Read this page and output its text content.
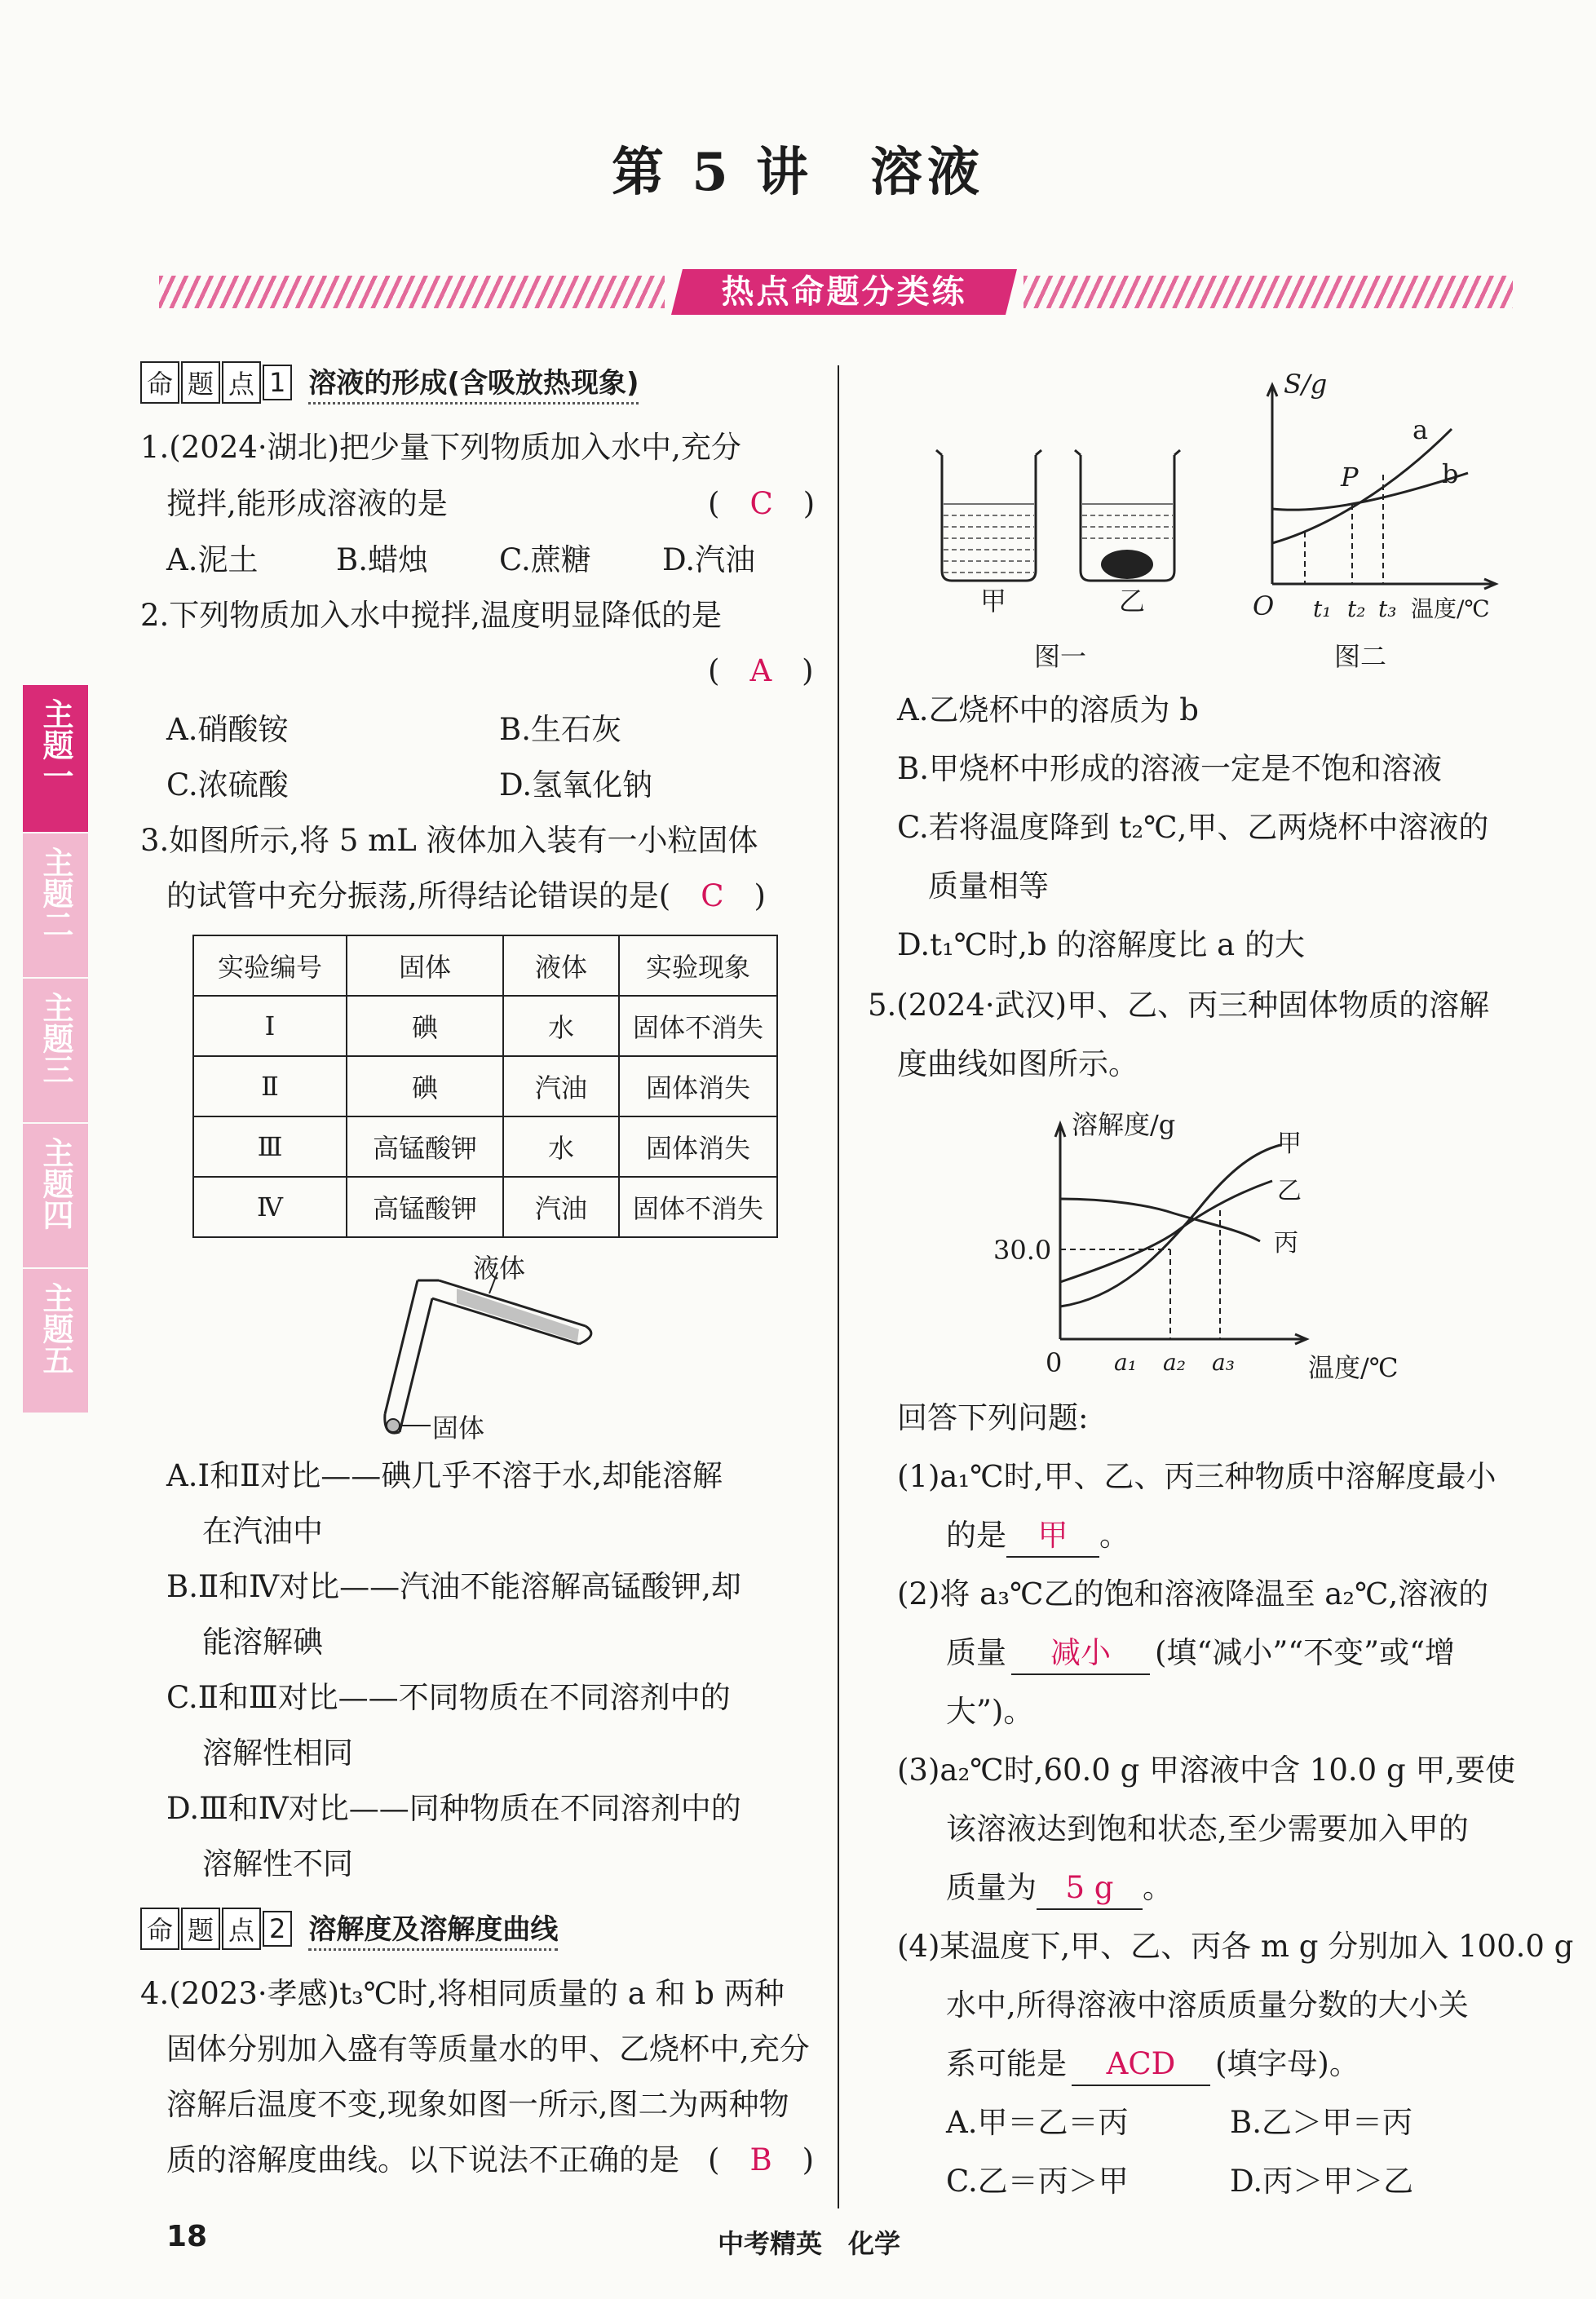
主题一
主题二
主题三
主题四
主题五
第 5 讲　溶液
热点命题分类练
命 题 点 1 溶液的形成(含吸放热现象)
1.(2024·湖北)把少量下列物质加入水中,充分
搅拌,能形成溶液的是	(　C　)
A.泥土	B.蜡烛 C.蔗糖 D.汽油
2.下列物质加入水中搅拌,温度明显降低的是
(　A　)
A.硝酸铵	B.生石灰
C.浓硫酸	D.氢氧化钠
3.如图所示,将 5 mL 液体加入装有一小粒固体
的试管中充分振荡,所得结论错误的是(　C　)
实验编号	固体	液体	实验现象
Ⅰ	碘	水	固体不消失
Ⅱ	碘	汽油	固体消失
Ⅲ	高锰酸钾	水	固体消失
Ⅳ	高锰酸钾	汽油	固体不消失
液体
固体
A.Ⅰ和Ⅱ对比——碘几乎不溶于水,却能溶解
在汽油中
B.Ⅱ和Ⅳ对比——汽油不能溶解高锰酸钾,却
能溶解碘
C.Ⅱ和Ⅲ对比——不同物质在不同溶剂中的
溶解性相同
D.Ⅲ和Ⅳ对比——同种物质在不同溶剂中的
溶解性不同
命 题 点 2 溶解度及溶解度曲线
4.(2023·孝感)t₃℃时,将相同质量的 a 和 b 两种
固体分别加入盛有等质量水的甲、乙烧杯中,充分
溶解后温度不变,现象如图一所示,图二为两种物
质的溶解度曲线。以下说法不正确的是 (　B　)
甲	乙
图一
S/g
a
b
P
O t₁ t₂ t₃ 温度/℃
图二
A.乙烧杯中的溶质为 b
B.甲烧杯中形成的溶液一定是不饱和溶液
C.若将温度降到 t₂℃,甲、乙两烧杯中溶液的
质量相等
D.t₁℃时,b 的溶解度比 a 的大
5.(2024·武汉)甲、乙、丙三种固体物质的溶解
度曲线如图所示。
溶解度/g
30.0
0 a₁ a₂ a₃	温度/℃
甲
乙
丙
回答下列问题:
(1)a₁℃时,甲、乙、丙三种物质中溶解度最小
的是 甲 。
(2)将 a₃℃乙的饱和溶液降温至 a₂℃,溶液的
质量 减小 (填“减小”“不变”或“增
大”)。
(3)a₂℃时,60.0 g 甲溶液中含 10.0 g 甲,要使
该溶液达到饱和状态,至少需要加入甲的
质量为 5 g 。
(4)某温度下,甲、乙、丙各 m g 分别加入 100.0 g
水中,所得溶液中溶质质量分数的大小关
系可能是 ACD (填字母)。
A.甲＝乙＝丙	B.乙＞甲＝丙
C.乙＝丙＞甲	D.丙＞甲＞乙
18	中考精英　化学
